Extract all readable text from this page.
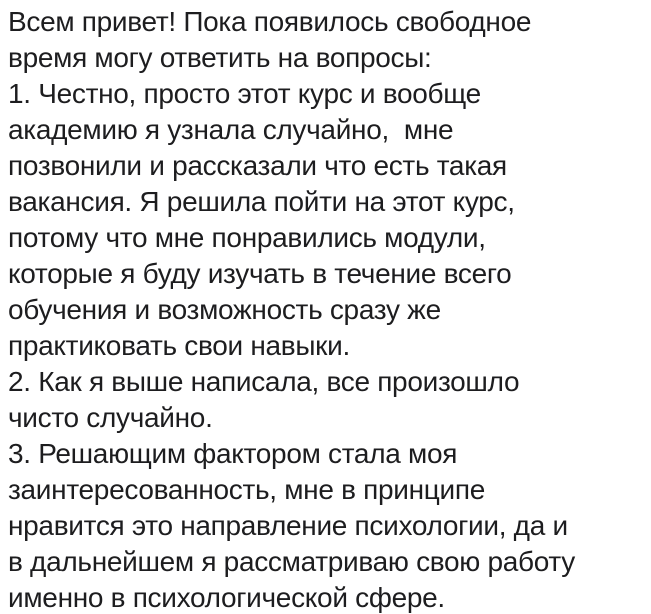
Всем привет! Пока появилось свободное
время могу ответить на вопросы:
1. Честно, просто этот курс и вообще
академию я узнала случайно,  мне
позвонили и рассказали что есть такая
вакансия. Я решила пойти на этот курс,
потому что мне понравились модули,
которые я буду изучать в течение всего
обучения и возможность сразу же
практиковать свои навыки.
2. Как я выше написала, все произошло
чисто случайно.
3. Решающим фактором стала моя
заинтересованность, мне в принципе
нравится это направление психологии, да и
в дальнейшем я рассматриваю свою работу
именно в психологической сфере.
